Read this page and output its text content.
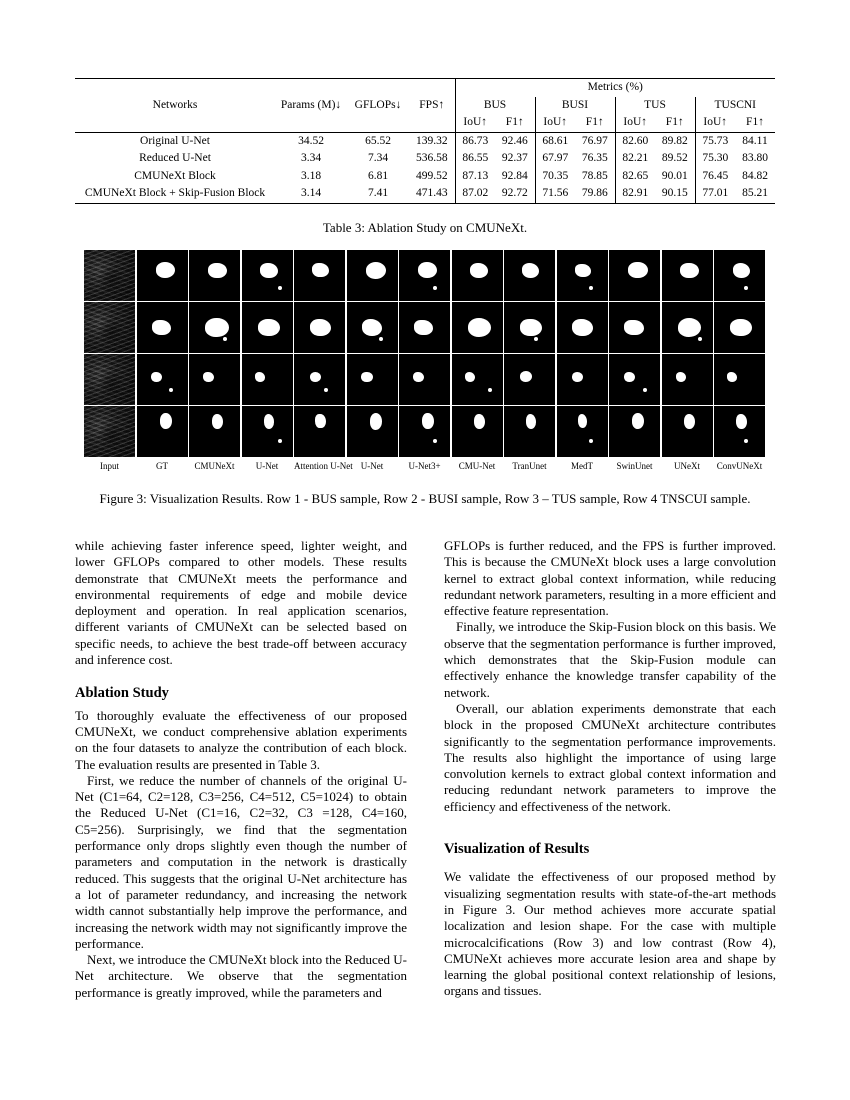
Networks	Params (M)↓	GFLOPs↓	FPS↑	Metrics (%)							
				BUS		BUSI		TUS		TUSCNI	
				IoU↑	F1↑	IoU↑	F1↑	IoU↑	F1↑	IoU↑	F1↑
Original U-Net	34.52	65.52	139.32	86.73	92.46	68.61	76.97	82.60	89.82	75.73	84.11
Reduced U-Net	3.34	7.34	536.58	86.55	92.37	67.97	76.35	82.21	89.52	75.30	83.80
CMUNeXt Block	3.18	6.81	499.52	87.13	92.84	70.35	78.85	82.65	90.01	76.45	84.82
CMUNeXt Block + Skip-Fusion Block	3.14	7.41	471.43	87.02	92.72	71.56	79.86	82.91	90.15	77.01	85.21
Table 3: Ablation Study on CMUNeXt.
Input	GT	CMUNeXt	U-Net	Attention U-Net U-Net	U-Net3+	CMU-Net	TranUnet	MedT	SwinUnet	UNeXt	ConvUNeXt
Figure 3: Visualization Results. Row 1 - BUS sample, Row 2 - BUSI sample, Row 3 – TUS sample, Row 4 TNSCUI sample.

while achieving faster inference speed, lighter weight, and lower GFLOPs compared to other models. These results demonstrate that CMUNeXt meets the performance and environmental requirements of edge and mobile device deployment and operation. In real application scenarios, different variants of CMUNeXt can be selected based on specific needs, to achieve the best trade-off between accuracy and inference cost.

Ablation Study

To thoroughly evaluate the effectiveness of our proposed CMUNeXt, we conduct comprehensive ablation experiments on the four datasets to analyze the contribution of each block. The evaluation results are presented in Table 3.

First, we reduce the number of channels of the original U-Net (C1=64, C2=128, C3=256, C4=512, C5=1024) to obtain the Reduced U-Net (C1=16, C2=32, C3 =128, C4=160, C5=256). Surprisingly, we find that the segmentation performance only drops slightly even though the number of parameters and computation in the network is drastically reduced. This suggests that the original U-Net architecture has a lot of parameter redundancy, and increasing the network width cannot substantially help improve the performance, and increasing the network width may not significantly improve the performance.

Next, we introduce the CMUNeXt block into the Reduced U-Net architecture. We observe that the segmentation performance is greatly improved, while the parameters and

GFLOPs is further reduced, and the FPS is further improved. This is because the CMUNeXt block uses a large convolution kernel to extract global context information, while reducing redundant network parameters, resulting in a more efficient and effective feature representation.

Finally, we introduce the Skip-Fusion block on this basis. We observe that the segmentation performance is further improved, which demonstrates that the Skip-Fusion module can effectively enhance the knowledge transfer capability of the network.

Overall, our ablation experiments demonstrate that each block in the proposed CMUNeXt architecture contributes significantly to the segmentation performance improvements. The results also highlight the importance of using large convolution kernels to extract global context information and reducing redundant network parameters to improve the efficiency and effectiveness of the network.

Visualization of Results

We validate the effectiveness of our proposed method by visualizing segmentation results with state-of-the-art methods in Figure 3. Our method achieves more accurate spatial localization and lesion shape. For the case with multiple microcalcifications (Row 3) and low contrast (Row 4), CMUNeXt achieves more accurate lesion area and shape by learning the global positional context relationship of lesions, organs and tissues.
